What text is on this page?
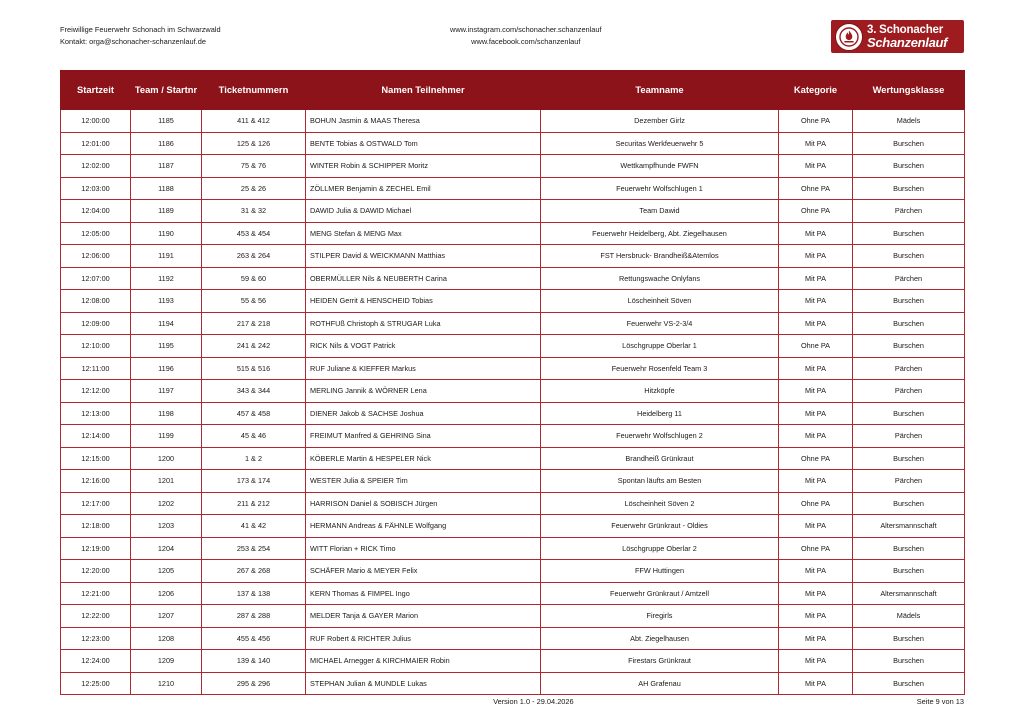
Freiwillige Feuerwehr Schonach im Schwarzwald
Kontakt: orga@schonacher-schanzenlauf.de
www.instagram.com/schonacher.schanzenlauf
www.facebook.com/schanzenlauf
3. Schonacher
Schanzenlauf
Startzeit	Team / Startnr	Ticketnummern	Namen Teilnehmer	Teamname	Kategorie	Wertungsklasse
12:00:00	1185	411 & 412	BOHUN Jasmin & MAAS Theresa	Dezember Girlz	Ohne PA	Mädels
12:01:00	1186	125 & 126	BENTE Tobias & OSTWALD Tom	Securitas Werkfeuerwehr 5	Mit PA	Burschen
12:02:00	1187	75 & 76	WINTER Robin & SCHIPPER Moritz	Wettkampfhunde FWFN	Mit PA	Burschen
12:03:00	1188	25 & 26	ZÖLLMER Benjamin & ZECHEL Emil	Feuerwehr Wolfschlugen 1	Ohne PA	Burschen
12:04:00	1189	31 & 32	DAWID Julia & DAWID Michael	Team Dawid	Ohne PA	Pärchen
12:05:00	1190	453 & 454	MENG Stefan & MENG Max	Feuerwehr Heidelberg, Abt. Ziegelhausen	Mit PA	Burschen
12:06:00	1191	263 & 264	STILPER David & WEICKMANN Matthias	FST Hersbruck- Brandheiß&Atemlos	Mit PA	Burschen
12:07:00	1192	59 & 60	OBERMÜLLER Nils & NEUBERTH Carina	Rettungswache Onlyfans	Mit PA	Pärchen
12:08:00	1193	55 & 56	HEIDEN Gerrit & HENSCHEID Tobias	Löscheinheit Söven	Mit PA	Burschen
12:09:00	1194	217 & 218	ROTHFUß Christoph & STRUGAR Luka	Feuerwehr VS-2-3/4	Mit PA	Burschen
12:10:00	1195	241 & 242	RICK Nils & VOGT Patrick	Löschgruppe Oberlar 1	Ohne PA	Burschen
12:11:00	1196	515 & 516	RUF Juliane & KIEFFER Markus	Feuerwehr Rosenfeld Team 3	Mit PA	Pärchen
12:12:00	1197	343 & 344	MERLING Jannik & WÖRNER Lena	Hitzköpfe	Mit PA	Pärchen
12:13:00	1198	457 & 458	DIENER Jakob & SACHSE Joshua	Heidelberg 11	Mit PA	Burschen
12:14:00	1199	45 & 46	FREIMUT Manfred & GEHRING Sina	Feuerwehr Wolfschlugen 2	Mit PA	Pärchen
12:15:00	1200	1 & 2	KÖBERLE Martin & HESPELER Nick	Brandheiß Grünkraut	Ohne PA	Burschen
12:16:00	1201	173 & 174	WESTER Julia & SPEIER Tim	Spontan läufts am Besten	Mit PA	Pärchen
12:17:00	1202	211 & 212	HARRISON Daniel & SOBISCH Jürgen	Löscheinheit Söven 2	Ohne PA	Burschen
12:18:00	1203	41 & 42	HERMANN Andreas & FÄHNLE Wolfgang	Feuerwehr Grünkraut - Oldies	Mit PA	Altersmannschaft
12:19:00	1204	253 & 254	WITT Florian + RICK Timo	Löschgruppe Oberlar 2	Ohne PA	Burschen
12:20:00	1205	267 & 268	SCHÄFER Mario & MEYER Felix	FFW Huttingen	Mit PA	Burschen
12:21:00	1206	137 & 138	KERN Thomas & FIMPEL Ingo	Feuerwehr Grünkraut / Amtzell	Mit PA	Altersmannschaft
12:22:00	1207	287 & 288	MELDER Tanja & GAYER Marion	Firegirls	Mit PA	Mädels
12:23:00	1208	455 & 456	RUF Robert & RICHTER Julius	Abt. Ziegelhausen	Mit PA	Burschen
12:24:00	1209	139 & 140	MICHAEL Arnegger & KIRCHMAIER Robin	Firestars Grünkraut	Mit PA	Burschen
12:25:00	1210	295 & 296	STEPHAN Julian & MUNDLE Lukas	AH Grafenau	Mit PA	Burschen
Version 1.0 - 29.04.2026	Seite 9 von 13
